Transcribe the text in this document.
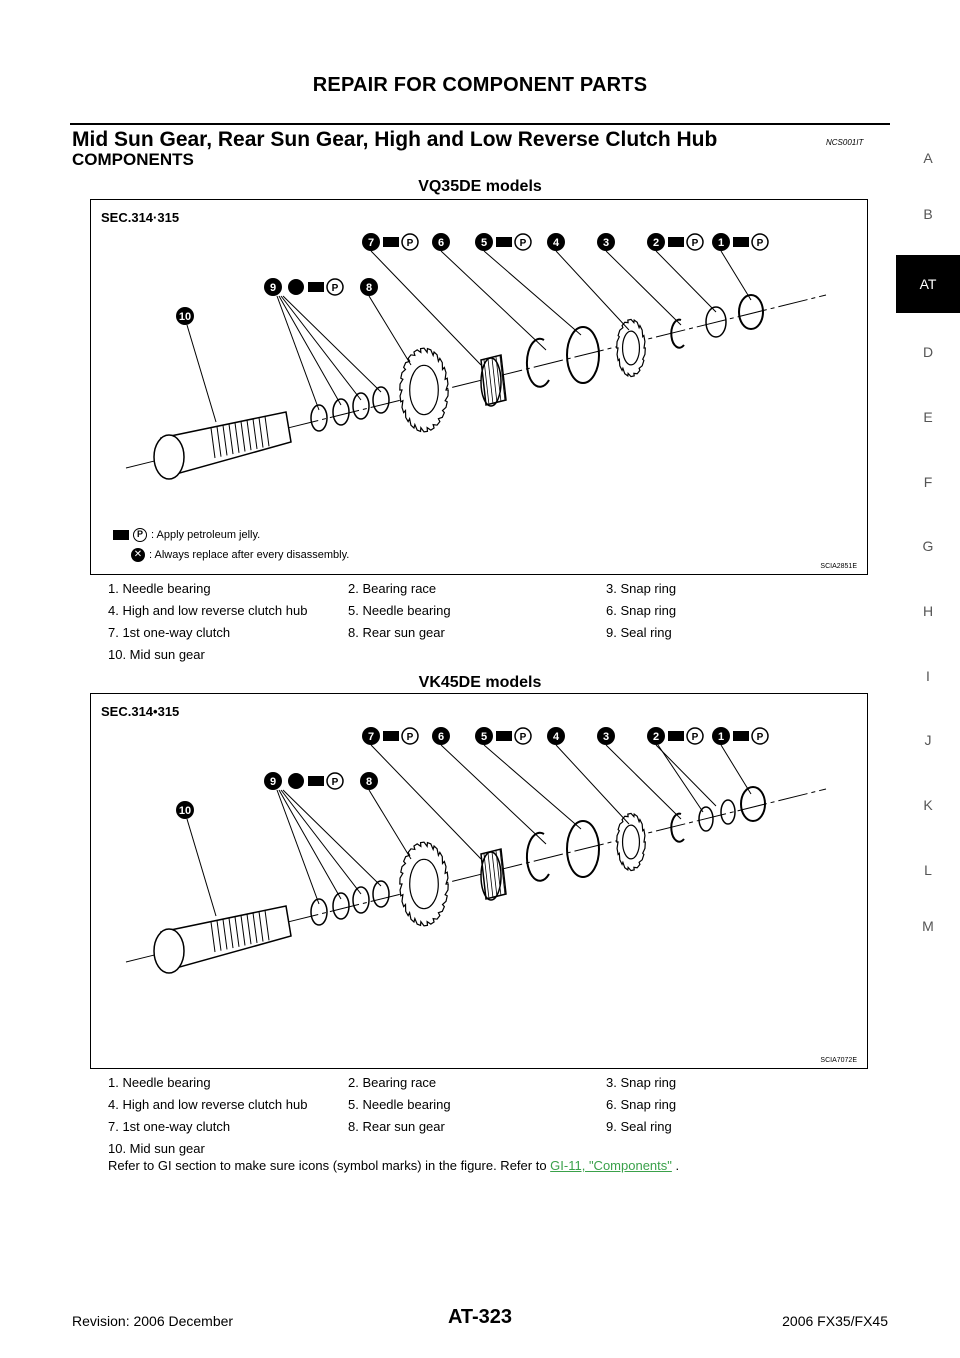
REPAIR FOR COMPONENT PARTS
Mid Sun Gear, Rear Sun Gear, High and Low Reverse Clutch Hub	NCS001IT
COMPONENTS
VQ35DE models
SEC.314·315
7	6	5	4	3	2	1
P	P	P	P
9	P	8
10
P : Apply petroleum jelly.
✕ : Always replace after every disassembly.
SCIA2851E
1. Needle bearing	2. Bearing race	3. Snap ring
4. High and low reverse clutch hub	5. Needle bearing	6. Snap ring
7. 1st one-way clutch	8. Rear sun gear	9. Seal ring
10. Mid sun gear
VK45DE models
SEC.314•315
7	6	5	4	3	2	1
P	P	P	P
9	P	8
10
SCIA7072E
1. Needle bearing	2. Bearing race	3. Snap ring
4. High and low reverse clutch hub	5. Needle bearing	6. Snap ring
7. 1st one-way clutch	8. Rear sun gear	9. Seal ring
10. Mid sun gear
Refer to GI section to make sure icons (symbol marks) in the figure. Refer to GI-11, "Components" .
A
B
AT
D
E
F
G
H
I
J
K
L
M
Revision: 2006 December	AT-323	2006 FX35/FX45
